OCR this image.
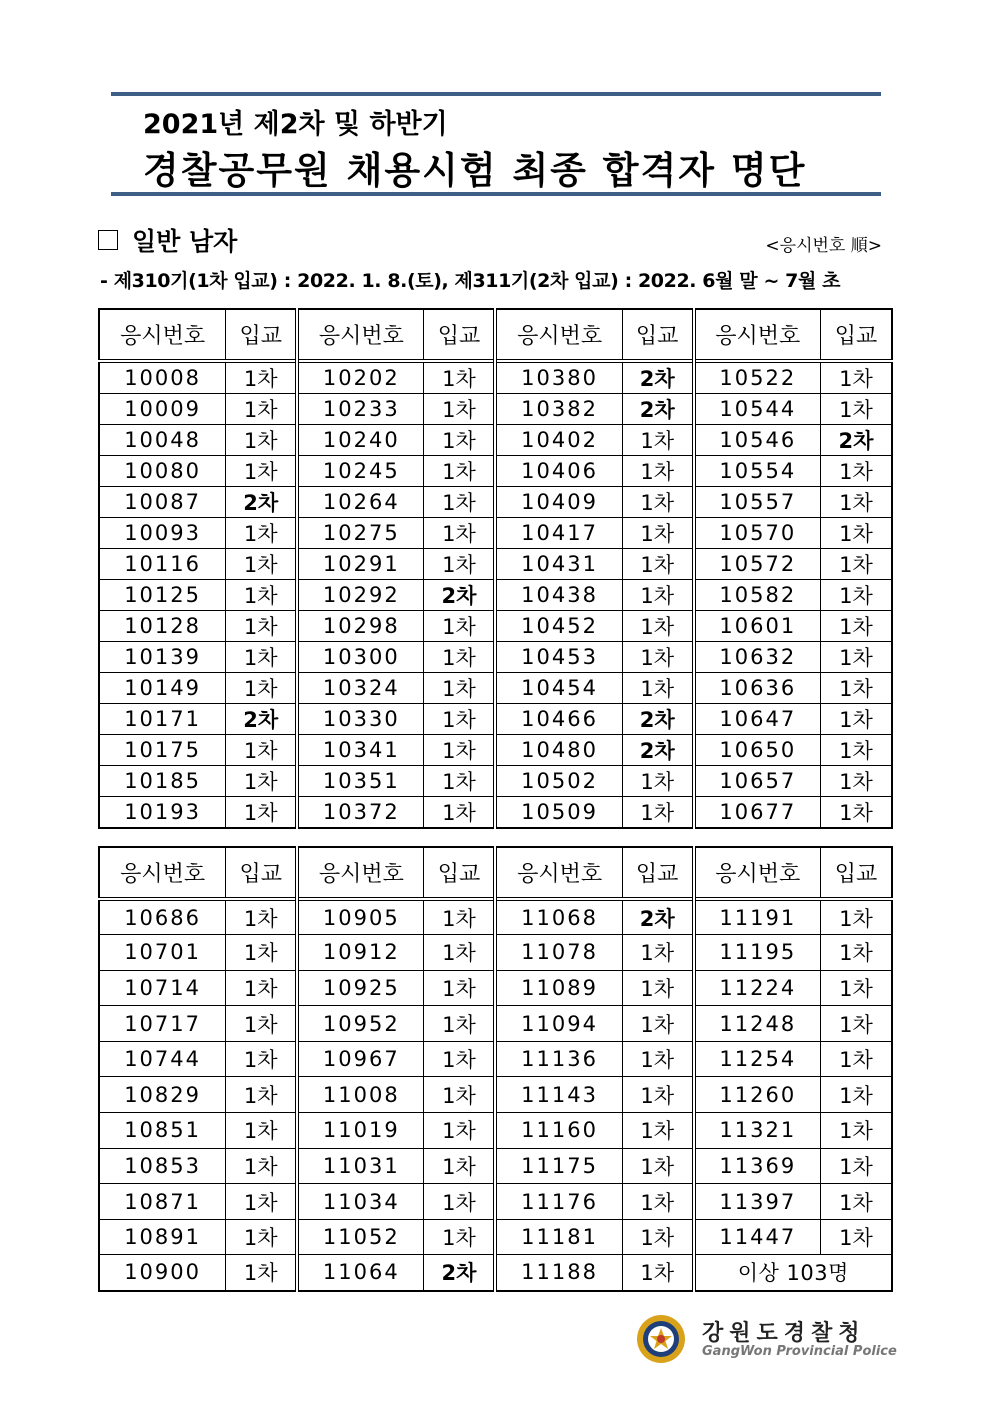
2021년 제2차 및 하반기
경찰공무원 채용시험 최종 합격자 명단
일반 남자	<응시번호 順>
- 제310기(1차 입교) : 2022. 1. 8.(토), 제311기(2차 입교) : 2022. 6월 말 ~ 7월 초
응시번호	입교	응시번호	입교	응시번호	입교	응시번호	입교
10008	1차	10202	1차	10380	2차	10522	1차
10009	1차	10233	1차	10382	2차	10544	1차
10048	1차	10240	1차	10402	1차	10546	2차
10080	1차	10245	1차	10406	1차	10554	1차
10087	2차	10264	1차	10409	1차	10557	1차
10093	1차	10275	1차	10417	1차	10570	1차
10116	1차	10291	1차	10431	1차	10572	1차
10125	1차	10292	2차	10438	1차	10582	1차
10128	1차	10298	1차	10452	1차	10601	1차
10139	1차	10300	1차	10453	1차	10632	1차
10149	1차	10324	1차	10454	1차	10636	1차
10171	2차	10330	1차	10466	2차	10647	1차
10175	1차	10341	1차	10480	2차	10650	1차
10185	1차	10351	1차	10502	1차	10657	1차
10193	1차	10372	1차	10509	1차	10677	1차
응시번호	입교	응시번호	입교	응시번호	입교	응시번호	입교
10686	1차	10905	1차	11068	2차	11191	1차
10701	1차	10912	1차	11078	1차	11195	1차
10714	1차	10925	1차	11089	1차	11224	1차
10717	1차	10952	1차	11094	1차	11248	1차
10744	1차	10967	1차	11136	1차	11254	1차
10829	1차	11008	1차	11143	1차	11260	1차
10851	1차	11019	1차	11160	1차	11321	1차
10853	1차	11031	1차	11175	1차	11369	1차
10871	1차	11034	1차	11176	1차	11397	1차
10891	1차	11052	1차	11181	1차	11447	1차
10900	1차	11064	2차	11188	1차	이상 103명	
강원도경찰청
GangWon Provincial Police
